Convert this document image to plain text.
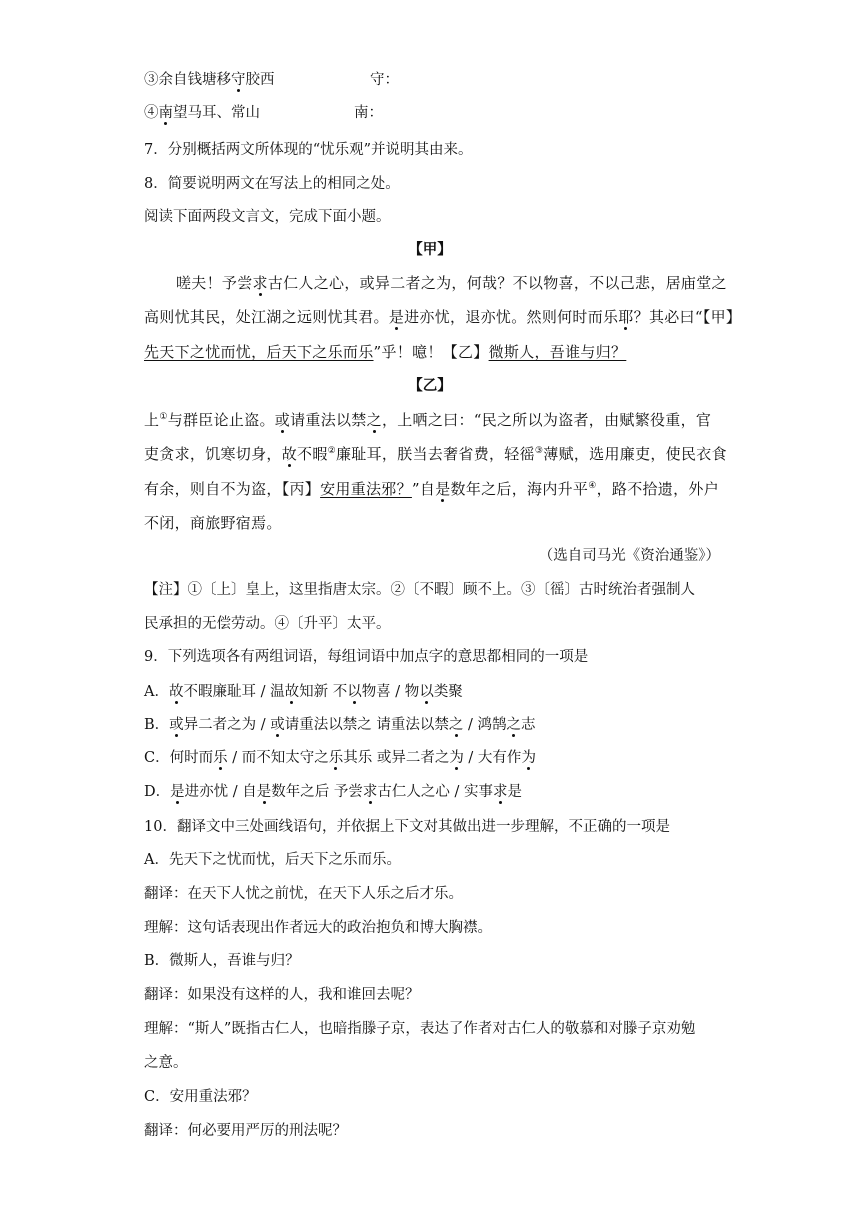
③余自钱塘移守胶西	守：
④南望马耳、常山	南：
7．分别概括两文所体现的“忧乐观”并说明其由来。
8．简要说明两文在写法上的相同之处。
阅读下面两段文言文，完成下面小题。
【甲】
嗟夫！予尝求古仁人之心，或异二者之为，何哉？不以物喜，不以己悲，居庙堂之
高则忧其民，处江湖之远则忧其君。是进亦忧，退亦忧。然则何时而乐耶？其必曰“【甲】
先天下之忧而忧，后天下之乐而乐”乎！噫！【乙】微斯人，吾谁与归？
【乙】
上①与群臣论止盗。或请重法以禁之，上哂之曰：“民之所以为盗者，由赋繁役重，官
吏贪求，饥寒切身，故不暇②廉耻耳，朕当去奢省费，轻徭③薄赋，选用廉吏，使民衣食
有余，则自不为盗，【丙】安用重法邪？”自是数年之后，海内升平④，路不拾遗，外户
不闭，商旅野宿焉。
（选自司马光《资治通鉴》）
【注】①〔上〕皇上，这里指唐太宗。②〔不暇〕顾不上。③〔徭〕古时统治者强制人
民承担的无偿劳动。④〔升平〕太平。
9．下列选项各有两组词语，每组词语中加点字的意思都相同的一项是
A．故不暇廉耻耳 / 温故知新 不以物喜 / 物以类聚
B．或异二者之为 / 或请重法以禁之 请重法以禁之 / 鸿鹄之志
C．何时而乐 / 而不知太守之乐其乐 或异二者之为 / 大有作为
D．是进亦忧 / 自是数年之后 予尝求古仁人之心 / 实事求是
10．翻译文中三处画线语句，并依据上下文对其做出进一步理解，不正确的一项是
A．先天下之忧而忧，后天下之乐而乐。
翻译：在天下人忧之前忧，在天下人乐之后才乐。
理解：这句话表现出作者远大的政治抱负和博大胸襟。
B．微斯人，吾谁与归？
翻译：如果没有这样的人，我和谁回去呢？
理解：“斯人”既指古仁人，也暗指滕子京，表达了作者对古仁人的敬慕和对滕子京劝勉
之意。
C．安用重法邪？
翻译：何必要用严厉的刑法呢？
